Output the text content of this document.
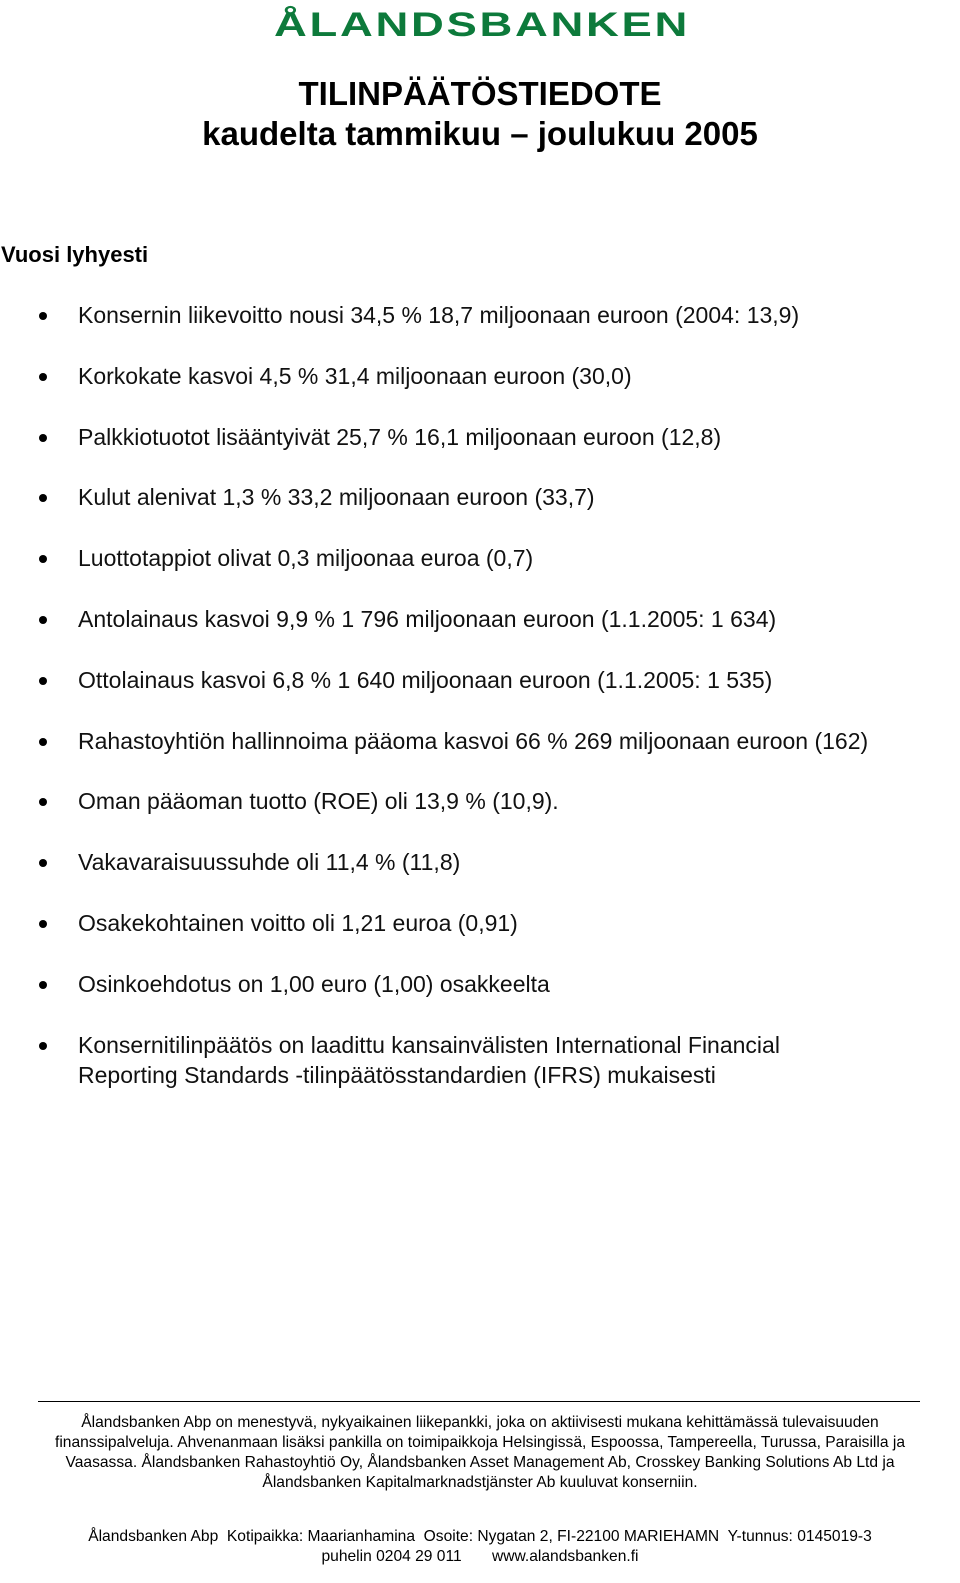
ÅLANDSBANKEN
TILINPÄÄTÖSTIEDOTE
kaudelta tammikuu – joulukuu 2005
Vuosi lyhyesti
Konsernin liikevoitto nousi 34,5 % 18,7 miljoonaan euroon (2004: 13,9)
Korkokate kasvoi 4,5 % 31,4 miljoonaan euroon (30,0)
Palkkiotuotot lisääntyivät 25,7 % 16,1 miljoonaan euroon (12,8)
Kulut alenivat 1,3 % 33,2 miljoonaan euroon (33,7)
Luottotappiot olivat 0,3 miljoonaa euroa (0,7)
Antolainaus kasvoi 9,9 % 1 796 miljoonaan euroon (1.1.2005: 1 634)
Ottolainaus kasvoi 6,8 % 1 640 miljoonaan euroon (1.1.2005: 1 535)
Rahastoyhtiön hallinnoima pääoma kasvoi 66 % 269 miljoonaan euroon (162)
Oman pääoman tuotto (ROE) oli 13,9 % (10,9).
Vakavaraisuussuhde oli 11,4 % (11,8)
Osakekohtainen voitto oli 1,21 euroa (0,91)
Osinkoehdotus on 1,00 euro (1,00) osakkeelta
Konsernitilinpäätös on laadittu kansainvälisten International Financial Reporting Standards -tilinpäätösstandardien (IFRS) mukaisesti

Ålandsbanken Abp on menestyvä, nykyaikainen liikepankki, joka on aktiivisesti mukana kehittämässä tulevaisuuden
finanssipalveluja. Ahvenanmaan lisäksi pankilla on toimipaikkoja Helsingissä, Espoossa, Tampereella, Turussa, Paraisilla ja
Vaasassa. Ålandsbanken Rahastoyhtiö Oy, Ålandsbanken Asset Management Ab, Crosskey Banking Solutions Ab Ltd ja
Ålandsbanken Kapitalmarknadstjänster Ab kuuluvat konserniin.

Ålandsbanken Abp  Kotipaikka: Maarianhamina  Osoite: Nygatan 2, FI-22100 MARIEHAMN  Y-tunnus: 0145019-3
puhelin 0204 29 011       www.alandsbanken.fi
